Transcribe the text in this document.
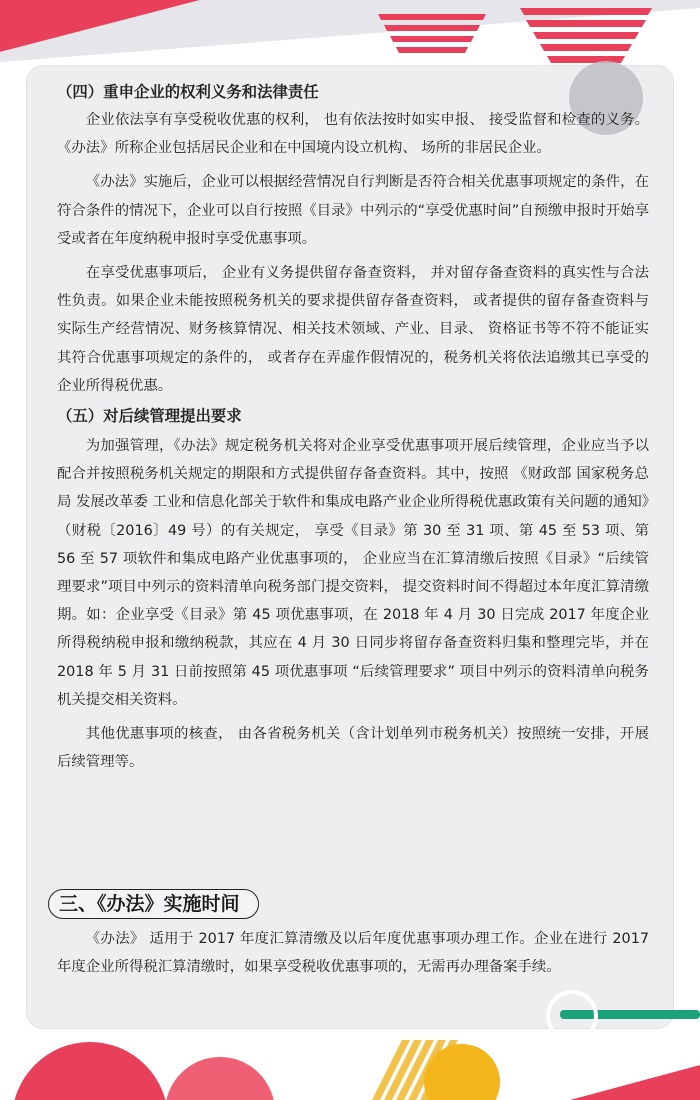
（四）重申企业的权利义务和法律责任

企业依法享有享受税收优惠的权利， 也有依法按时如实申报、 接受监督和检查的义务。《办法》所称企业包括居民企业和在中国境内设立机构、 场所的非居民企业。

《办法》实施后，企业可以根据经营情况自行判断是否符合相关优惠事项规定的条件，在符合条件的情况下，企业可以自行按照《目录》中列示的“享受优惠时间”自预缴申报时开始享受或者在年度纳税申报时享受优惠事项。

在享受优惠事项后， 企业有义务提供留存备查资料， 并对留存备查资料的真实性与合法性负责。如果企业未能按照税务机关的要求提供留存备查资料， 或者提供的留存备查资料与实际生产经营情况、财务核算情况、相关技术领域、产业、目录、 资格证书等不符不能证实其符合优惠事项规定的条件的， 或者存在弄虚作假情况的，税务机关将依法追缴其已享受的企业所得税优惠。

（五）对后续管理提出要求

为加强管理，《办法》规定税务机关将对企业享受优惠事项开展后续管理，企业应当予以配合并按照税务机关规定的期限和方式提供留存备查资料。其中，按照 《财政部 国家税务总局 发展改革委 工业和信息化部关于软件和集成电路产业企业所得税优惠政策有关问题的通知》（财税〔2016〕49 号）的有关规定， 享受《目录》第 30 至 31 项、第 45 至 53 项、第 56 至 57 项软件和集成电路产业优惠事项的， 企业应当在汇算清缴后按照《目录》“后续管理要求”项目中列示的资料清单向税务部门提交资料， 提交资料时间不得超过本年度汇算清缴期。如：企业享受《目录》第 45 项优惠事项，在 2018 年 4 月 30 日完成 2017 年度企业所得税纳税申报和缴纳税款，其应在 4 月 30 日同步将留存备查资料归集和整理完毕，并在 2018 年 5 月 31 日前按照第 45 项优惠事项 “后续管理要求” 项目中列示的资料清单向税务机关提交相关资料。

其他优惠事项的核查， 由各省税务机关（含计划单列市税务机关）按照统一安排，开展后续管理等。

三、《办法》实施时间

《办法》 适用于 2017 年度汇算清缴及以后年度优惠事项办理工作。企业在进行 2017 年度企业所得税汇算清缴时，如果享受税收优惠事项的，无需再办理备案手续。
